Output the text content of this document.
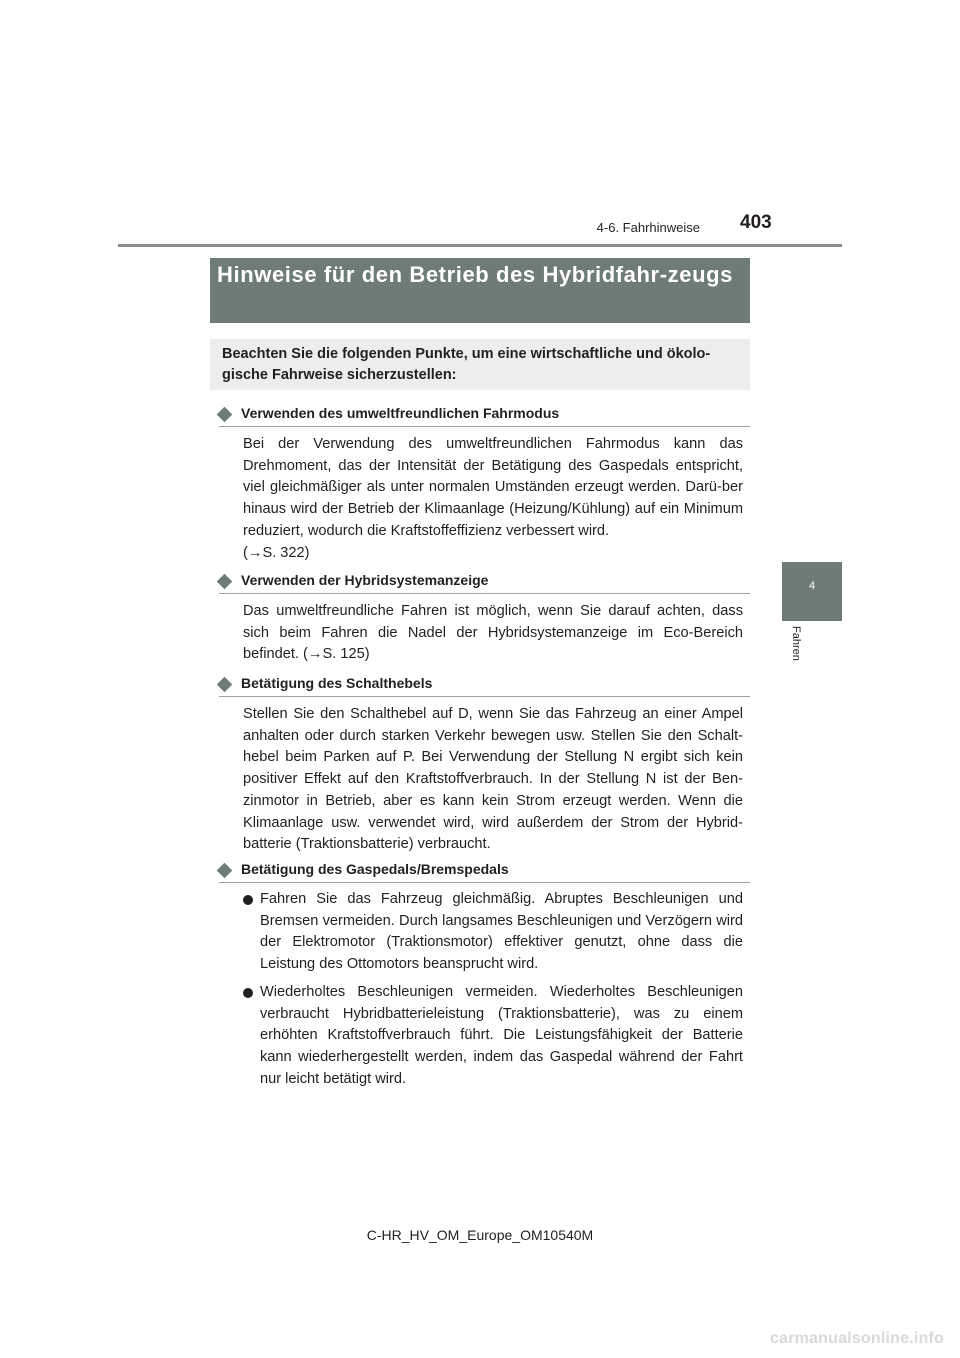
4-6. Fahrhinweise 403
4
Fahren
Hinweise für den Betrieb des Hybridfahr-zeugs
Beachten Sie die folgenden Punkte, um eine wirtschaftliche und ökolo-gische Fahrweise sicherzustellen:
Verwenden des umweltfreundlichen Fahrmodus
Bei der Verwendung des umweltfreundlichen Fahrmodus kann das Drehmoment, das der Intensität der Betätigung des Gaspedals entspricht, viel gleichmäßiger als unter normalen Umständen erzeugt werden. Darü-ber hinaus wird der Betrieb der Klimaanlage (Heizung/Kühlung) auf ein Minimum reduziert, wodurch die Kraftstoffeffizienz verbessert wird.
(→S. 322)
Verwenden der Hybridsystemanzeige
Das umweltfreundliche Fahren ist möglich, wenn Sie darauf achten, dass sich beim Fahren die Nadel der Hybridsystemanzeige im Eco-Bereich befindet. (→S. 125)
Betätigung des Schalthebels
Stellen Sie den Schalthebel auf D, wenn Sie das Fahrzeug an einer Ampel anhalten oder durch starken Verkehr bewegen usw. Stellen Sie den Schalt-hebel beim Parken auf P. Bei Verwendung der Stellung N ergibt sich kein positiver Effekt auf den Kraftstoffverbrauch. In der Stellung N ist der Ben-zinmotor in Betrieb, aber es kann kein Strom erzeugt werden. Wenn die Klimaanlage usw. verwendet wird, wird außerdem der Strom der Hybrid-batterie (Traktionsbatterie) verbraucht.
Betätigung des Gaspedals/Bremspedals
Fahren Sie das Fahrzeug gleichmäßig. Abruptes Beschleunigen und Bremsen vermeiden. Durch langsames Beschleunigen und Verzögern wird der Elektromotor (Traktionsmotor) effektiver genutzt, ohne dass die Leistung des Ottomotors beansprucht wird.
Wiederholtes Beschleunigen vermeiden. Wiederholtes Beschleunigen verbraucht Hybridbatterieleistung (Traktionsbatterie), was zu einem erhöhten Kraftstoffverbrauch führt. Die Leistungsfähigkeit der Batterie kann wiederhergestellt werden, indem das Gaspedal während der Fahrt nur leicht betätigt wird.
C-HR_HV_OM_Europe_OM10540M
carmanualsonline.info
